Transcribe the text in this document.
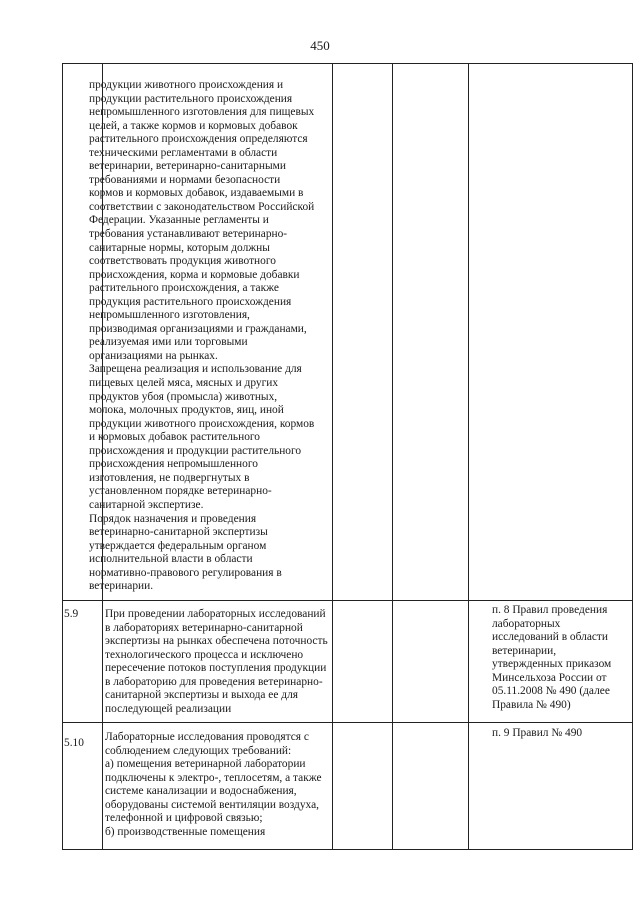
450
продукции животного происхождения и
продукции растительного происхождения
непромышленного изготовления для пищевых
целей, а также кормов и кормовых добавок
растительного происхождения определяются
техническими регламентами в области
ветеринарии, ветеринарно-санитарными
требованиями и нормами безопасности
кормов и кормовых добавок, издаваемыми в
соответствии с законодательством Российской
Федерации. Указанные регламенты и
требования устанавливают ветеринарно-
санитарные нормы, которым должны
соответствовать продукция животного
происхождения, корма и кормовые добавки
растительного происхождения, а также
продукция растительного происхождения
непромышленного изготовления,
производимая организациями и гражданами,
реализуемая ими или торговыми
организациями на рынках.
Запрещена реализация и использование для
пищевых целей мяса, мясных и других
продуктов убоя (промысла) животных,
молока, молочных продуктов, яиц, иной
продукции животного происхождения, кормов
и кормовых добавок растительного
происхождения и продукции растительного
происхождения непромышленного
изготовления, не подвергнутых в
установленном порядке ветеринарно-
санитарной экспертизе.
Порядок назначения и проведения
ветеринарно-санитарной экспертизы
утверждается федеральным органом
исполнительной власти в области
нормативно-правового регулирования в
ветеринарии.
5.9 При проведении лабораторных исследований
в лабораториях ветеринарно-санитарной
экспертизы на рынках обеспечена поточность
технологического процесса и исключено
пересечение потоков поступления продукции
в лабораторию для проведения ветеринарно-
санитарной экспертизы и выхода ее для
последующей реализации
п. 8 Правил проведения
лабораторных
исследований в области
ветеринарии,
утвержденных приказом
Минсельхоза России от
05.11.2008 № 490 (далее
Правила № 490)
5.10 Лабораторные исследования проводятся с
соблюдением следующих требований:
а) помещения ветеринарной лаборатории
подключены к электро-, теплосетям, а также
системе канализации и водоснабжения,
оборудованы системой вентиляции воздуха,
телефонной и цифровой связью;
б) производственные помещения
п. 9 Правил № 490
